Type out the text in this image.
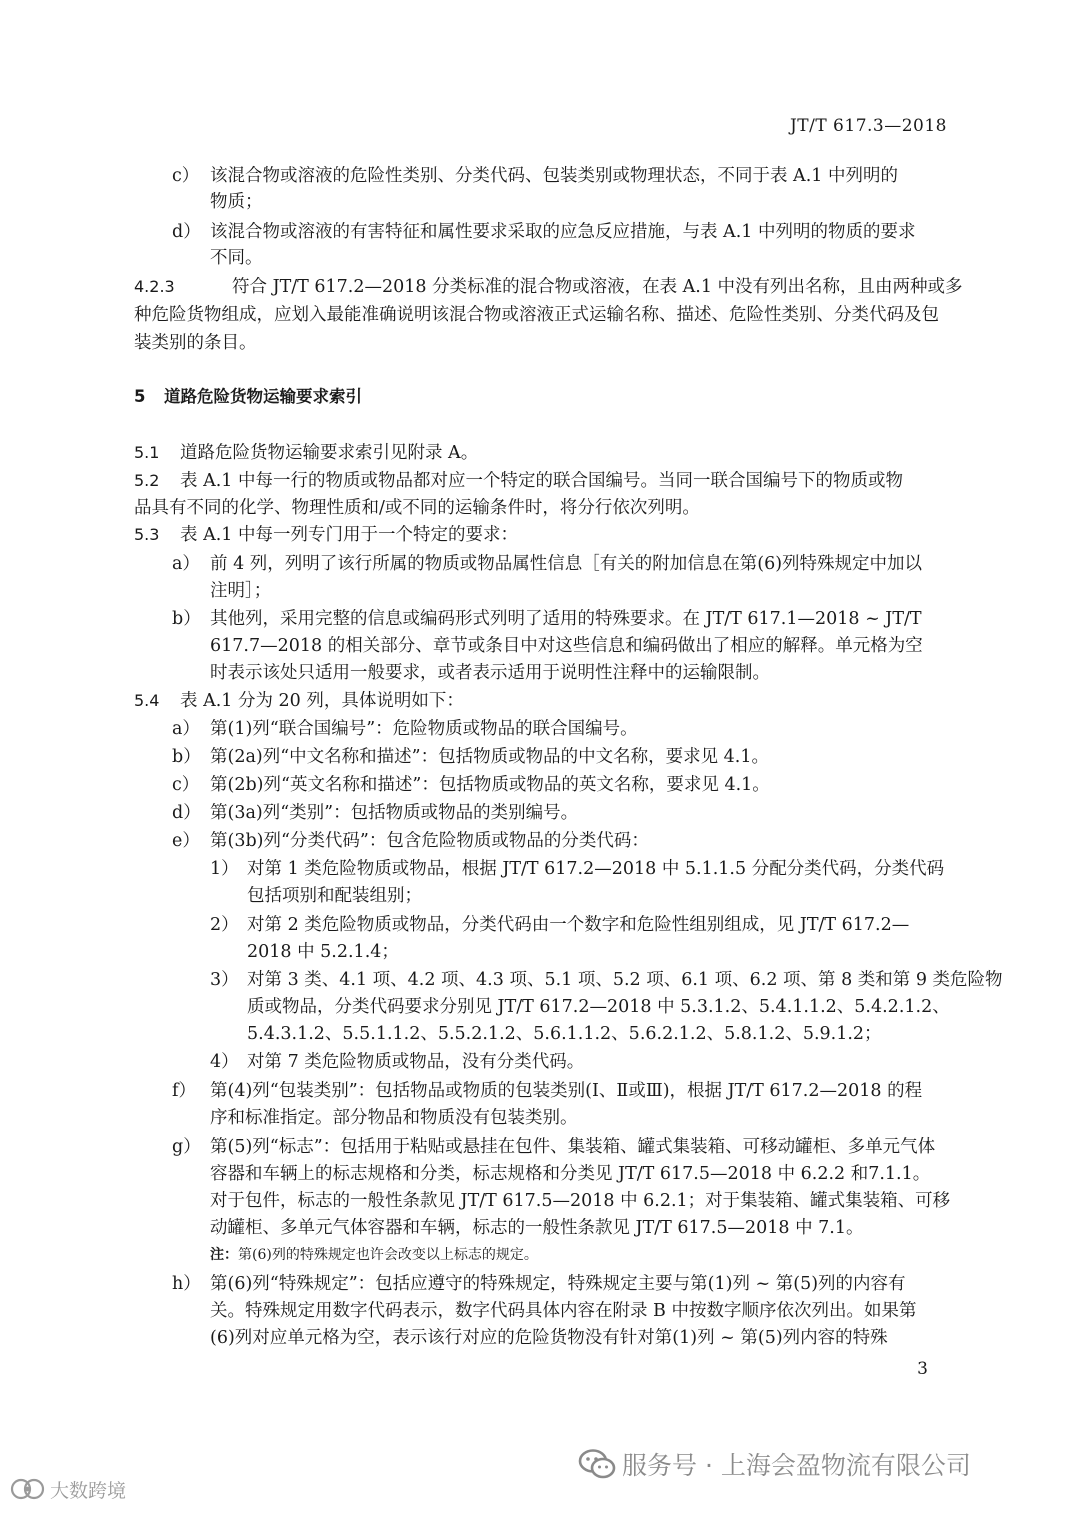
JT/T 617.3—2018
c） 该混合物或溶液的危险性类别、分类代码、包装类别或物理状态，不同于表 A.1 中列明的
物质；
d） 该混合物或溶液的有害特征和属性要求采取的应急反应措施，与表 A.1 中列明的物质的要求
不同。
4.2.3	符合 JT/T 617.2—2018 分类标准的混合物或溶液，在表 A.1 中没有列出名称，且由两种或多
种危险货物组成，应划入最能准确说明该混合物或溶液正式运输名称、描述、危险性类别、分类代码及包
装类别的条目。
5 道路危险货物运输要求索引
5.1 道路危险货物运输要求索引见附录 A。
5.2 表 A.1 中每一行的物质或物品都对应一个特定的联合国编号。当同一联合国编号下的物质或物
品具有不同的化学、物理性质和/或不同的运输条件时，将分行依次列明。
5.3 表 A.1 中每一列专门用于一个特定的要求：
a） 前 4 列，列明了该行所属的物质或物品属性信息［有关的附加信息在第(6)列特殊规定中加以
注明］；
b） 其他列，采用完整的信息或编码形式列明了适用的特殊要求。在 JT/T 617.1—2018 ~ JT/T
617.7—2018 的相关部分、章节或条目中对这些信息和编码做出了相应的解释。单元格为空
时表示该处只适用一般要求，或者表示适用于说明性注释中的运输限制。
5.4 表 A.1 分为 20 列，具体说明如下：
a） 第(1)列“联合国编号”：危险物质或物品的联合国编号。
b） 第(2a)列“中文名称和描述”：包括物质或物品的中文名称，要求见 4.1。
c） 第(2b)列“英文名称和描述”：包括物质或物品的英文名称，要求见 4.1。
d） 第(3a)列“类别”：包括物质或物品的类别编号。
e） 第(3b)列“分类代码”：包含危险物质或物品的分类代码：
1） 对第 1 类危险物质或物品，根据 JT/T 617.2—2018 中 5.1.1.5 分配分类代码，分类代码
包括项别和配装组别；
2） 对第 2 类危险物质或物品，分类代码由一个数字和危险性组别组成，见 JT/T 617.2—
2018 中 5.2.1.4；
3） 对第 3 类、4.1 项、4.2 项、4.3 项、5.1 项、5.2 项、6.1 项、6.2 项、第 8 类和第 9 类危险物
质或物品，分类代码要求分别见 JT/T 617.2—2018 中 5.3.1.2、5.4.1.1.2、5.4.2.1.2、
5.4.3.1.2、5.5.1.1.2、5.5.2.1.2、5.6.1.1.2、5.6.2.1.2、5.8.1.2、5.9.1.2；
4） 对第 7 类危险物质或物品，没有分类代码。
f） 第(4)列“包装类别”：包括物品或物质的包装类别(Ⅰ、Ⅱ或Ⅲ)，根据 JT/T 617.2—2018 的程
序和标准指定。部分物品和物质没有包装类别。
g） 第(5)列“标志”：包括用于粘贴或悬挂在包件、集装箱、罐式集装箱、可移动罐柜、多单元气体
容器和车辆上的标志规格和分类，标志规格和分类见 JT/T 617.5—2018 中 6.2.2 和7.1.1。
对于包件，标志的一般性条款见 JT/T 617.5—2018 中 6.2.1；对于集装箱、罐式集装箱、可移
动罐柜、多单元气体容器和车辆，标志的一般性条款见 JT/T 617.5—2018 中 7.1。
注：第(6)列的特殊规定也许会改变以上标志的规定。
h） 第(6)列“特殊规定”：包括应遵守的特殊规定，特殊规定主要与第(1)列 ~ 第(5)列的内容有
关。特殊规定用数字代码表示，数字代码具体内容在附录 B 中按数字顺序依次列出。如果第
(6)列对应单元格为空，表示该行对应的危险货物没有针对第(1)列 ~ 第(5)列内容的特殊
3
服务号 · 上海会盈物流有限公司
大数跨境
